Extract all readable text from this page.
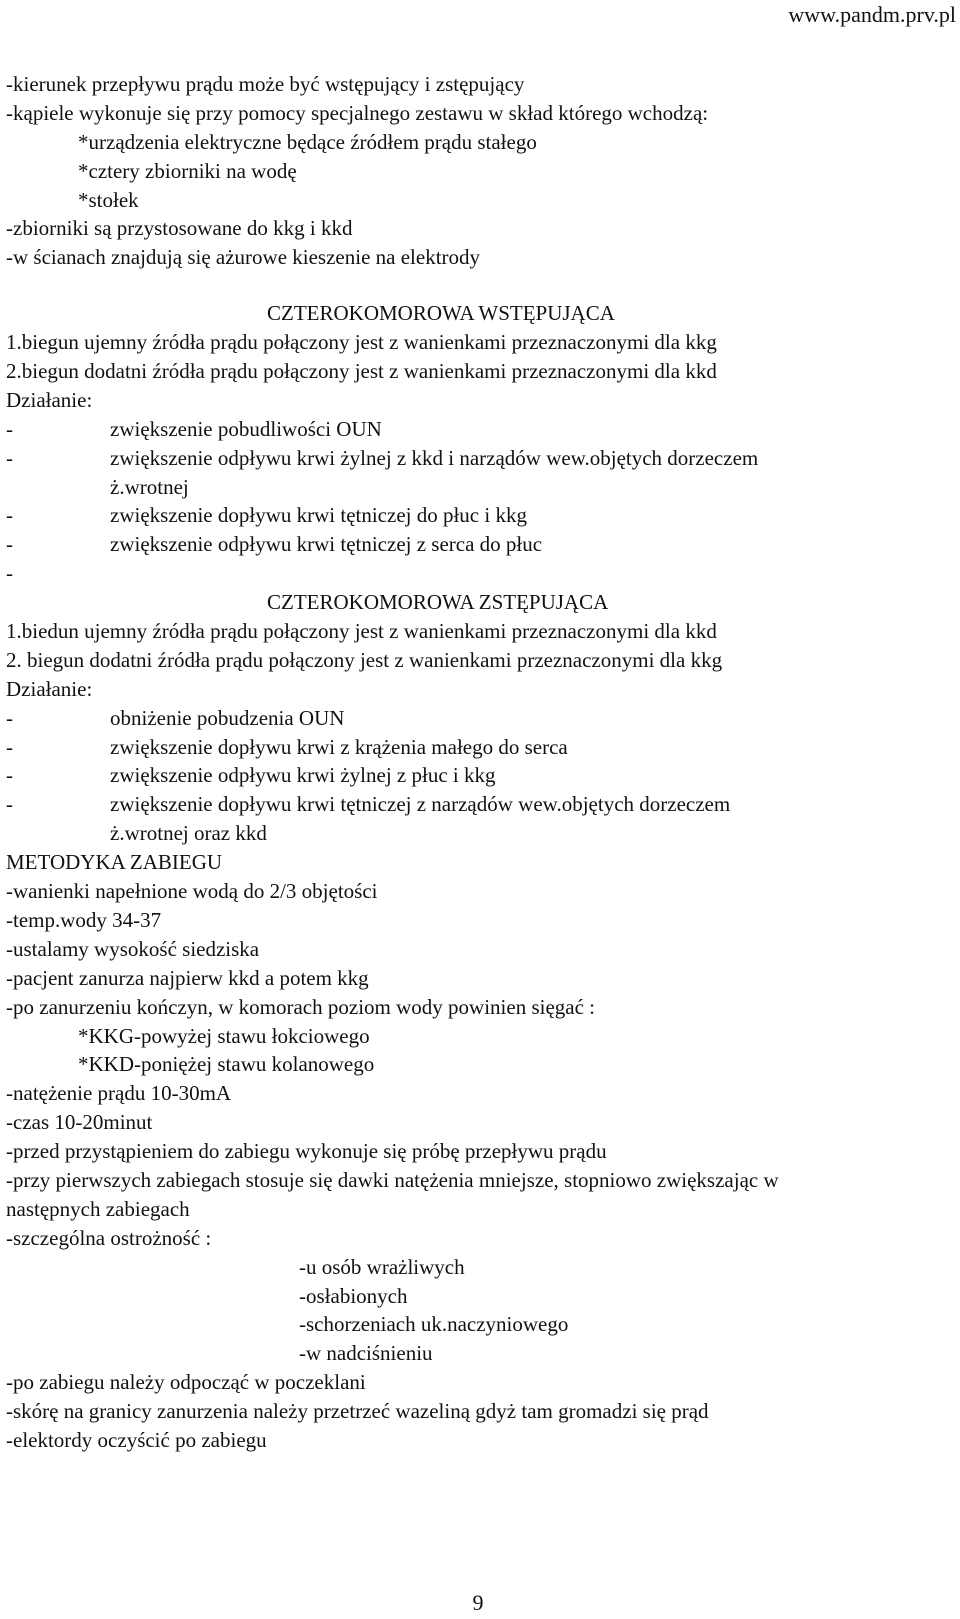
www.pandm.prv.pl
-kierunek przepływu prądu może być wstępujący i zstępujący
-kąpiele wykonuje się przy pomocy specjalnego zestawu w skład którego wchodzą:
*urządzenia elektryczne będące źródłem prądu stałego
*cztery zbiorniki na wodę
*stołek
-zbiorniki są przystosowane do kkg i kkd
-w ścianach znajdują się ażurowe kieszenie na elektrody
CZTEROKOMOROWA WSTĘPUJĄCA
1.biegun ujemny źródła prądu połączony jest z wanienkami przeznaczonymi dla kkg
2.biegun dodatni źródła prądu połączony jest z wanienkami przeznaczonymi dla kkd
Działanie:
-	zwiększenie pobudliwości OUN
-	zwiększenie odpływu krwi żylnej z kkd i narządów wew.objętych dorzeczem
ż.wrotnej
-	zwiększenie dopływu krwi tętniczej do płuc i kkg
-	zwiększenie odpływu krwi tętniczej z serca do płuc
-
CZTEROKOMOROWA ZSTĘPUJĄCA
1.biedun ujemny źródła prądu połączony jest z wanienkami przeznaczonymi dla kkd
2. biegun dodatni źródła prądu połączony jest z wanienkami przeznaczonymi dla kkg
Działanie:
-	obniżenie pobudzenia OUN
-	zwiększenie dopływu krwi z krążenia małego do serca
-	zwiększenie odpływu krwi żylnej z płuc i kkg
-	zwiększenie dopływu krwi tętniczej z narządów wew.objętych dorzeczem
ż.wrotnej oraz kkd
METODYKA ZABIEGU
-wanienki napełnione wodą do 2/3 objętości
-temp.wody 34-37
-ustalamy wysokość siedziska
-pacjent zanurza najpierw kkd a potem kkg
-po zanurzeniu kończyn, w komorach poziom wody powinien sięgać :
*KKG-powyżej stawu łokciowego
*KKD-poniężej stawu kolanowego
-natężenie prądu 10-30mA
-czas 10-20minut
-przed przystąpieniem do zabiegu wykonuje się próbę przepływu prądu
-przy pierwszych zabiegach stosuje się dawki natężenia mniejsze, stopniowo zwiększając w
następnych zabiegach
-szczególna ostrożność :
-u osób wrażliwych
-osłabionych
-schorzeniach uk.naczyniowego
-w nadciśnieniu
-po zabiegu należy odpocząć w poczeklani
-skórę na granicy zanurzenia należy przetrzeć wazeliną gdyż tam gromadzi się prąd
-elektordy oczyścić po zabiegu
9
